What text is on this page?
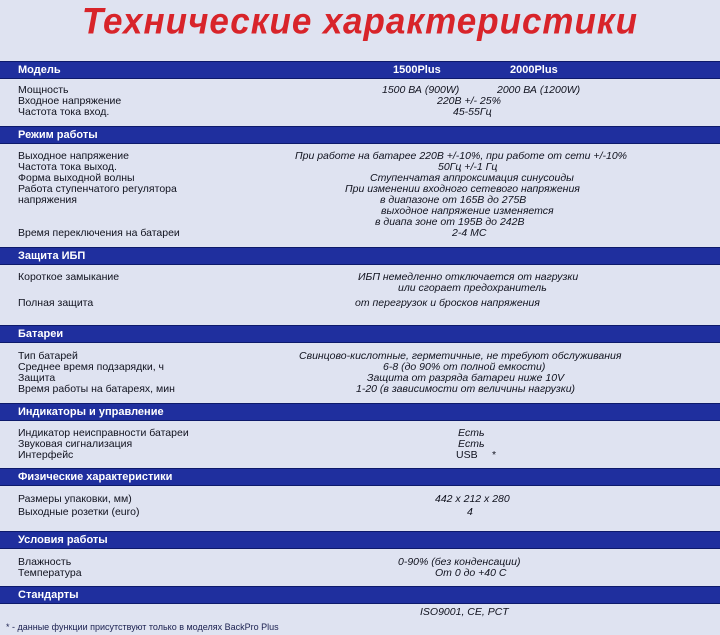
Технические характеристики
Модель	1500Plus	2000Plus
Мощность	1500 ВА (900W)	2000 ВА (1200W)
Входное напряжение	220В +/- 25%
Частота тока вход.	45-55Гц
Режим работы
Выходное напряжение	При работе на батарее 220В +/-10%, при работе от сети +/-10%
Частота тока выход.	50Гц +/-1 Гц
Форма выходной волны	Ступенчатая аппроксимация синусоиды
Работа ступенчатого регулятора	При изменении входного сетевого напряжения
напряжения	в диапазоне от 165В до 275В
выходное напряжение изменяется
в диапа зоне от 195В до 242В
Время переключения на батареи	2-4 МС
Защита ИБП
Короткое замыкание	ИБП немедленно отключается от нагрузки
или сгорает предохранитель
Полная защита	от перегрузок и бросков напряжения
Батареи
Тип батарей	Свинцово-кислотные, герметичные, не требуют обслуживания
Среднее время подзарядки, ч	6-8 (до 90% от полной емкости)
Защита	Защита от разряда батареи ниже 10V
Время работы на батареях, мин	1-20 (в зависимости от величины нагрузки)
Индикаторы и управление
Индикатор неисправности батареи	Есть
Звуковая сигнализация	Есть
Интерфейс	USB *
Физические характеристики
Размеры упаковки, мм)	442 x 212 x 280
Выходные розетки (euro)	4
Условия работы
Влажность	0-90% (без конденсации)
Температура	От 0 до +40 С
Стандарты
ISO9001, CE, PCT
* - данные функции присутствуют только в моделях BackPro Plus
